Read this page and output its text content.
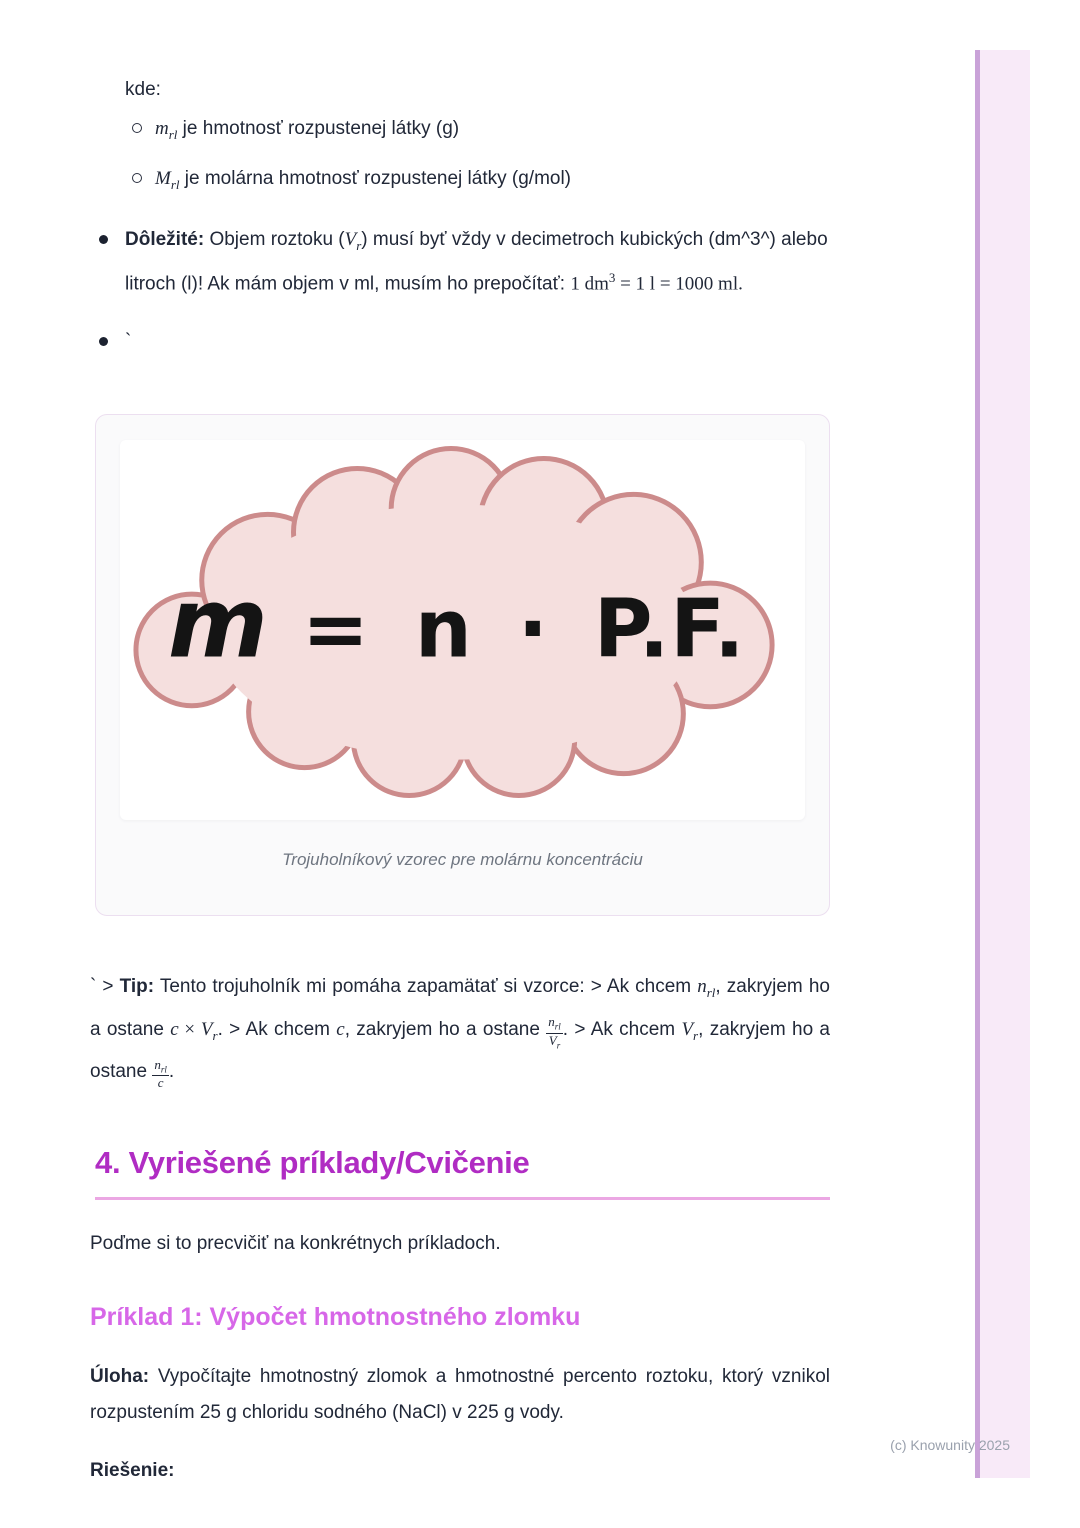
kde:

$m_{rl}$ je hmotnosť rozpustenej látky (g)
$M_{rl}$ je molárna hmotnosť rozpustenej látky (g/mol)
Dôležité: Objem roztoku $(V_r)$ musí byť vždy v decimetroch kubických (dm^3^) alebo litroch (l)! Ak mám objem v ml, musím ho prepočítať: 1 $dm^3 = 1$ l = 1000 ml.
`
m = n · P.F.
Trojuholníkový vzorec pre molárnu koncentráciu

` > Tip: Tento trojuholník mi pomáha zapamätať si vzorce: > Ak chcem $n_{rl}$, zakryjem ho a ostane $c \times V_r$. > Ak chcem c, zakryjem ho a ostane $\frac{n_{rl}}{V_r}$ . > Ak chcem $V_r$, zakryjem ho a ostane $\frac{n_{rl}}{c}$ .

4. Vyriešené príklady/Cvičenie

Poďme si to precvičiť na konkrétnych príkladoch.

Príklad 1: Výpočet hmotnostného zlomku

Úloha: Vypočítajte hmotnostný zlomok a hmotnostné percento roztoku, ktorý vznikol rozpustením 25 g chloridu sodného (NaCl) v 225 g vody.

Riešenie:

(c) Knowunity 2025
